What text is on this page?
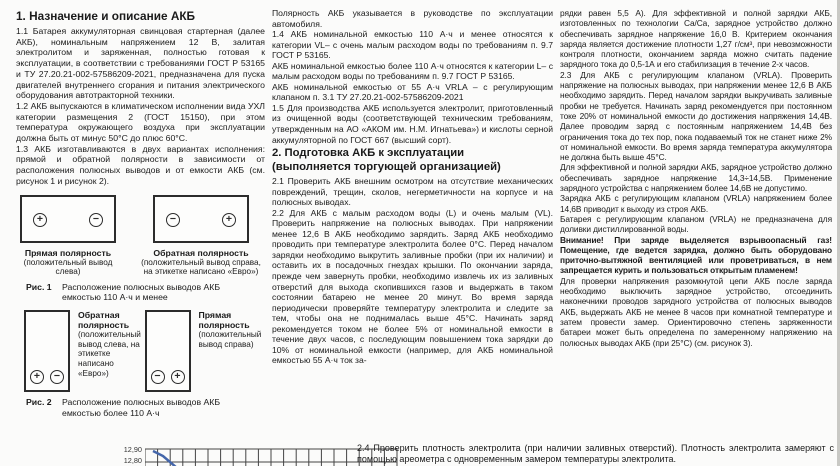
1. Назначение и описание АКБ

1.1 Батарея аккумуляторная свинцовая стартерная (далее АКБ), номинальным напряжением 12 В, залитая электролитом и заряженная, полностью готовая к эксплуатации, в соответствии с требованиями ГОСТ Р 53165 и ТУ 27.20.21-002-57586209-2021, предназначена для пуска двигателей внутреннего сгорания и питания электрического оборудования автотракторной техники.

1.2 АКБ выпускаются в климатическом исполнении вида УХЛ категории размещения 2 (ГОСТ 15150), при этом температура окружающего воздуха при эксплуатации должна быть от минус 50°С до плюс 60°С.

1.3 АКБ изготавливаются в двух вариантах исполнения: прямой и обратной полярности в зависимости от расположения полюсных выводов и от емкости АКБ (см. рисунок 1 и рисунок 2).

+	−
Прямая полярность
(положительный вывод слева)
−	+
Обратная полярность
(положительный вывод справа, на этикетке написано «Евро»)
Рис. 1	Расположение полюсных выводов АКБ емкостью 110 А·ч и менее
+	−
Обратная полярность
(положительный вывод слева, на этикетке написано «Евро»)	−	+
Прямая полярность
(положительный вывод справа)
Рис. 2	Расположение полюсных выводов АКБ емкостью более 110 А·ч

Полярность АКБ указывается в руководстве по эксплуатации автомобиля.

1.4 АКБ номинальной емкостью 110 А·ч и менее относятся к категории VL– с очень малым расходом воды по требованиям п. 9.7 ГОСТ Р 53165.

АКБ номинальной емкостью более 110 А·ч относятся к категории L– с малым расходом воды по требованиям п. 9.7 ГОСТ Р 53165.

АКБ номинальной емкостью от 55 А·ч VRLA – с регулирующим клапаном п. 3.1 ТУ 27.20.21-002-57586209-2021

1.5 Для производства АКБ используется электролит, приготовленный из очищенной воды (соответствующей техническим требованиям, утвержденным на АО «АКОМ им. Н.М. Игнатьева») и кислоты серной аккумуляторной по ГОСТ 667 (высший сорт).

2. Подготовка АКБ к эксплуатации
(выполняется торгующей организацией)

2.1 Проверить АКБ внешним осмотром на отсутствие механических повреждений, трещин, сколов, негерметичности на корпусе и на полюсных выводах.

2.2 Для АКБ с малым расходом воды (L) и очень малым (VL). Проверить напряжение на полюсных выводах. При напряжении менее 12,6 В АКБ необходимо зарядить. Заряд АКБ необходимо проводить при температуре электролита более 0°С. Перед началом зарядки необходимо выкрутить заливные пробки (при их наличии) и оставить их в посадочных гнездах крышки. По окончании заряда, прежде чем завернуть пробки, необходимо извлечь их из заливных отверстий для выхода скопившихся газов и выдержать в таком состоянии батарею не менее 20 минут. Во время заряда периодически проверяйте температуру электролита и следите за тем, чтобы она не поднималась выше 45°С. Начинать заряд рекомендуется током не более 5% от номинальной емкости в течение двух часов, с последующим повышением тока зарядки до 10% от номинальной емкости (например, для АКБ номинальной емкостью 55 А·ч ток за-

рядки равен 5,5 А). Для эффективной и полной зарядки АКБ, изготовленных по технологии Ca/Ca, зарядное устройство должно обеспечивать зарядное напряжение 16,0 В. Критерием окончания заряда является достижение плотности 1,27 г/см³, при невозможности контроля плотности, окончанием заряда можно считать падение зарядного тока до 0,5-1А и его стабилизация в течение 2-х часов.

2.3 Для АКБ с регулирующим клапаном (VRLA). Проверить напряжение на полюсных выводах, при напряжении менее 12,6 В АКБ необходимо зарядить. Перед началом зарядки выкручивать заливные пробки не требуется. Начинать заряд рекомендуется при постоянном токе 20% от номинальной емкости до достижения напряжения 14,4В. Далее проводим заряд с постоянным напряжением 14,4В без ограничения тока до тех пор, пока подаваемый ток не станет ниже 2% от номинальной емкости. Во время заряда температура аккумулятора не должна быть выше 45°С.

Для эффективной и полной зарядки АКБ, зарядное устройство должно обеспечивать зарядное напряжение 14,3÷14,5В. Применение зарядного устройства с напряжением более 14,6В не допустимо.

Зарядка АКБ с регулирующим клапаном (VRLA) напряжением более 14,6В приводит к выходу из строя АКБ.

Батарея с регулирующим клапаном (VRLA) не предназначена для доливки дистиллированной воды.

Внимание! При заряде выделяется взрывоопасный газ! Помещение, где ведется зарядка, должно быть оборудовано приточно-вытяжной вентиляцией или проветриваться, в нем запрещается курить и пользоваться открытым пламенем!

Для проверки напряжения разомкнутой цепи АКБ после заряда необходимо выключить зарядное устройство, отсоединить наконечники проводов зарядного устройства от полюсных выводов АКБ, выдержать АКБ не менее 8 часов при комнатной температуре и затем провести замер. Ориентировочно степень заряженности батареи может быть определена по замеренному напряжению на полюсных выводах АКБ (при 25°С) (см. рисунок 3).

12,90
12,80

2.4 Проверить плотность электролита (при наличии заливных отверстий). Плотность электролита замеряют с помощью ареометра с одновременным замером температуры электролита.
